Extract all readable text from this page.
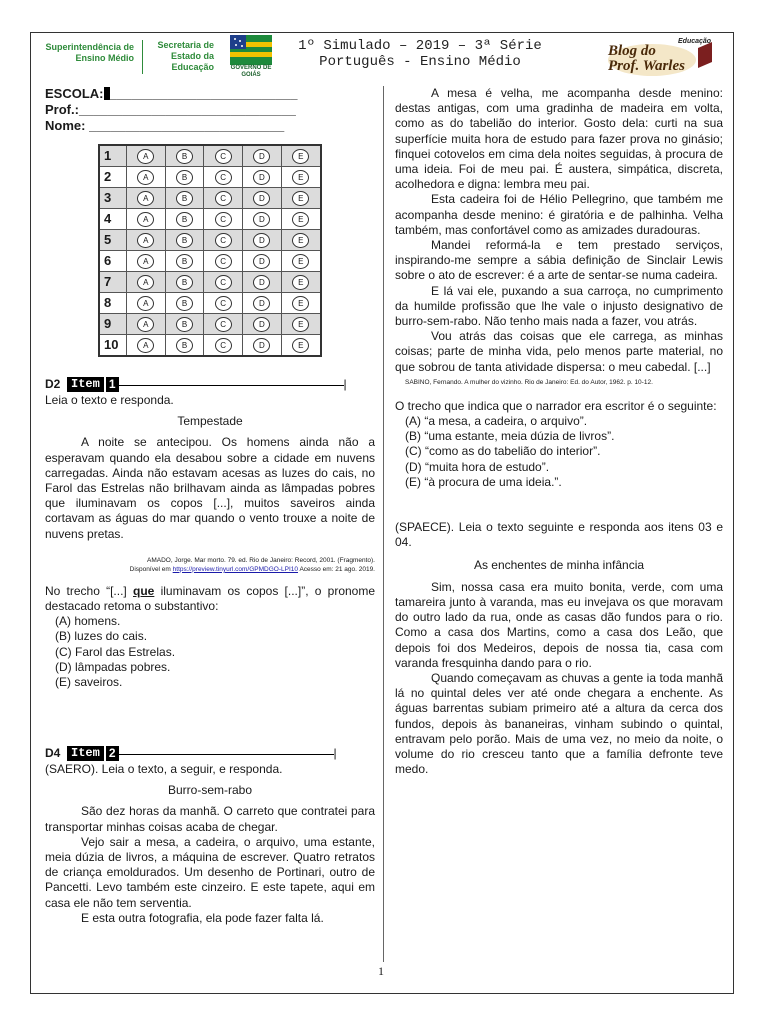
Superintendência de Ensino Médio
Secretaria de Estado da Educação	GOVERNO DE GOIÁS
1º Simulado – 2019 – 3ª Série
Português - Ensino Médio
Educação
Blog do
Prof. Warles
ESCOLA: __________________________
Prof.:______________________________
Nome: ___________________________
1	A	B	C	D	E
2	A	B	C	D	E
3	A	B	C	D	E
4	A	B	C	D	E
5	A	B	C	D	E
6	A	B	C	D	E
7	A	B	C	D	E
8	A	B	C	D	E
9	A	B	C	D	E
10	A	B	C	D	E
D2 Item 1	|

Leia o texto e responda.

Tempestade

A noite se antecipou. Os homens ainda não a esperavam quando ela desabou sobre a cidade em nuvens carregadas. Ainda não estavam acesas as luzes do cais, no Farol das Estrelas não brilhavam ainda as lâmpadas pobres que iluminavam os copos [...], muitos saveiros ainda cortavam as águas do mar quando o vento trouxe a noite de nuvens pretas.

AMADO, Jorge. Mar morto. 79. ed. Rio de Janeiro: Record, 2001. (Fragmento).
Disponível em https://preview.tinyurl.com/GPMDGO-LPI10 Acesso em: 21 ago. 2019.

No trecho “[...] que iluminavam os copos [...]”, o pronome destacado retoma o substantivo:

(A) homens.
(B) luzes do cais.
(C) Farol das Estrelas.
(D) lâmpadas pobres.
(E) saveiros.
D4 Item 2	|

(SAERO). Leia o texto, a seguir, e responda.

Burro-sem-rabo

São dez horas da manhã. O carreto que contratei para transportar minhas coisas acaba de chegar.

Vejo sair a mesa, a cadeira, o arquivo, uma estante, meia dúzia de livros, a máquina de escrever. Quatro retratos de criança emoldurados. Um desenho de Portinari, outro de Pancetti. Levo também este cinzeiro. E este tapete, aqui em casa ele não tem serventia.

E esta outra fotografia, ela pode fazer falta lá.

A mesa é velha, me acompanha desde menino: destas antigas, com uma gradinha de madeira em volta, como as do tabelião do interior. Gosto dela: curti na sua superfície muita hora de estudo para fazer prova no ginásio; finquei cotovelos em cima dela noites seguidas, à procura de uma ideia. Foi de meu pai. É austera, simpática, discreta, acolhedora e digna: lembra meu pai.

Esta cadeira foi de Hélio Pellegrino, que também me acompanha desde menino: é giratória e de palhinha. Velha também, mas confortável como as amizades duradouras.

Mandei reformá-la e tem prestado serviços, inspirando-me sempre a sábia definição de Sinclair Lewis sobre o ato de escrever: é a arte de sentar-se numa cadeira.

E lá vai ele, puxando a sua carroça, no cumprimento da humilde profissão que lhe vale o injusto designativo de burro-sem-rabo. Não tenho mais nada a fazer, vou atrás.

Vou atrás das coisas que ele carrega, as minhas coisas; parte de minha vida, pelo menos parte material, no que sobrou de tanta atividade dispersa: o meu cabedal. [...]

SABINO, Fernando. A mulher do vizinho. Rio de Janeiro: Ed. do Autor, 1962. p. 10-12.

O trecho que indica que o narrador era escritor é o seguinte:

(A) “a mesa, a cadeira, o arquivo”.
(B) “uma estante, meia dúzia de livros”.
(C) “como as do tabelião do interior”.
(D) “muita hora de estudo”.
(E) “à procura de uma ideia.”.

(SPAECE). Leia o texto seguinte e responda aos itens 03 e 04.

As enchentes de minha infância

Sim, nossa casa era muito bonita, verde, com uma tamareira junto à varanda, mas eu invejava os que moravam do outro lado da rua, onde as casas dão fundos para o rio. Como a casa dos Martins, como a casa dos Leão, que depois foi dos Medeiros, depois de nossa tia, casa com varanda fresquinha dando para o rio.

Quando começavam as chuvas a gente ia toda manhã lá no quintal deles ver até onde chegara a enchente. As águas barrentas subiam primeiro até a altura da cerca dos fundos, depois às bananeiras, vinham subindo o quintal, entravam pelo porão. Mais de uma vez, no meio da noite, o volume do rio cresceu tanto que a família defronte teve medo.

1
